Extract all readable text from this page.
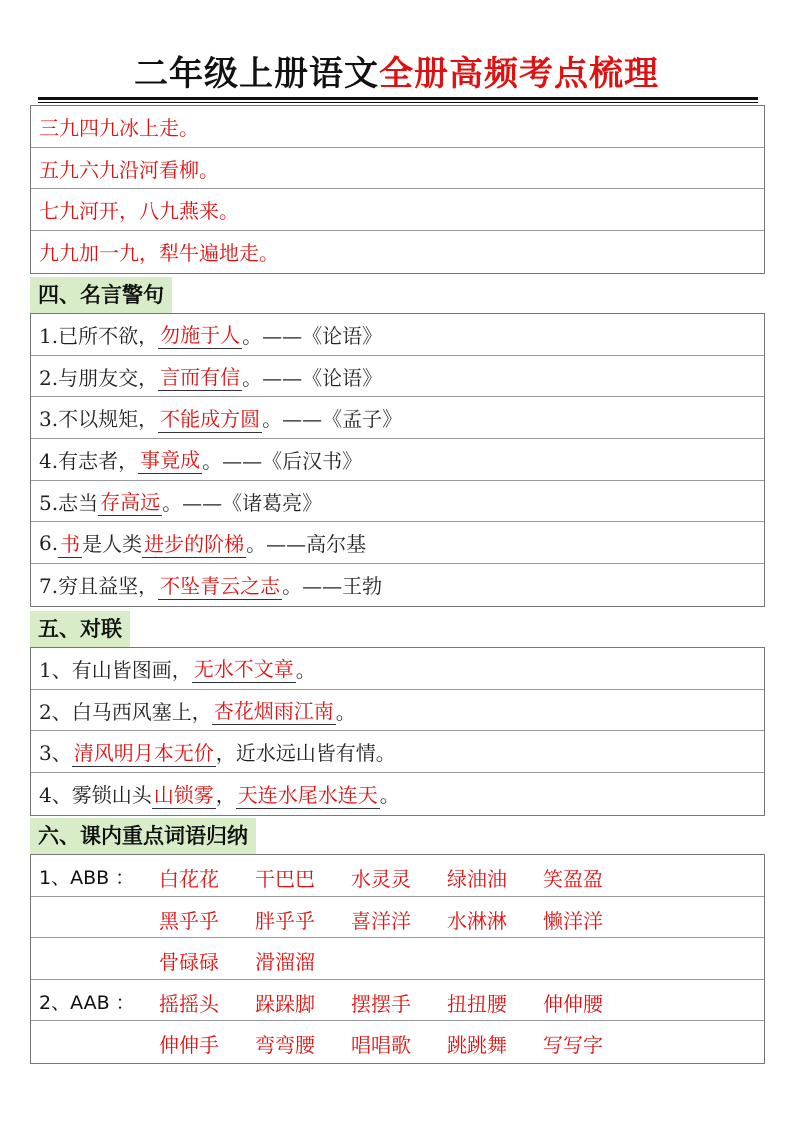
二年级上册语文全册高频考点梳理
三九四九冰上走。
五九六九沿河看柳。
七九河开，八九燕来。
九九加一九，犁牛遍地走。
四、名言警句
1.已所不欲， 勿施于人 。——《论语》
2.与朋友交， 言而有信 。——《论语》
3.不以规矩， 不能成方圆 。——《孟子》
4.有志者， 事竟成 。——《后汉书》
5.志当 存高远 。——《诸葛亮》
6. 书 是人类 进步的阶梯 。——高尔基
7.穷且益坚， 不坠青云之志 。——王勃
五、对联
1、有山皆图画， 无水不文章 。
2、白马西风塞上， 杏花烟雨江南 。
3、 清风明月本无价 ，近水远山皆有情。
4、雾锁山头 山锁雾 ， 天连水尾水连天 。
六、课内重点词语归纳
1、ABB ： 白花花	干巴巴	水灵灵	绿油油	笑盈盈
黑乎乎	胖乎乎	喜洋洋	水淋淋	懒洋洋
骨碌碌	滑溜溜
2、AAB ： 摇摇头	跺跺脚	摆摆手	扭扭腰	伸伸腰
伸伸手	弯弯腰	唱唱歌	跳跳舞	写写字
